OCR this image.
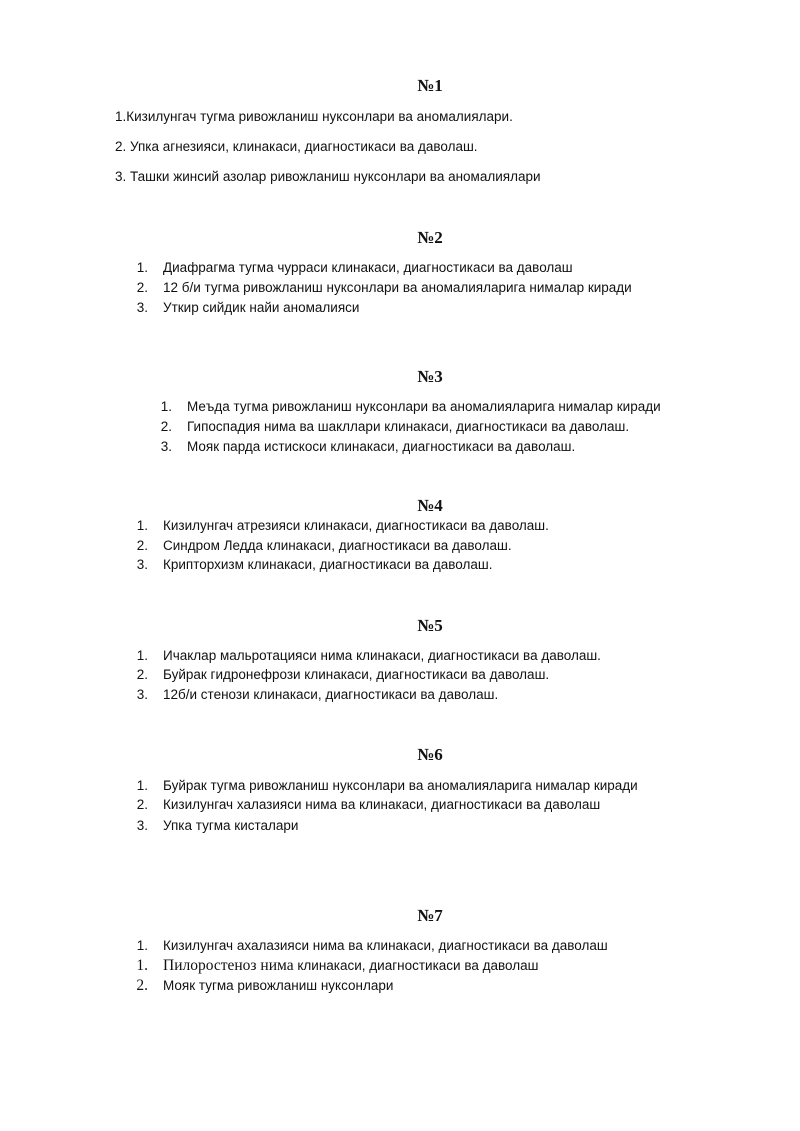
№1
1.Кизилунгач тугма ривожланиш нуксонлари ва аномалиялари.
2. Упка агнезияси, клинакаси, диагностикаси ва даволаш.
3. Ташки жинсий азолар ривожланиш нуксонлари ва аномалиялари
№2
1. Диафрагма тугма чурраси клинакаси, диагностикаси ва даволаш
2. 12 б/и тугма ривожланиш нуксонлари ва аномалияларига нималар киради
3. Уткир сийдик найи аномалияси
№3
1. Меъда тугма ривожланиш нуксонлари ва аномалияларига нималар киради
2. Гипоспадия нима ва шакллари клинакаси, диагностикаси ва даволаш.
3. Мояк парда истискоси клинакаси, диагностикаси ва даволаш.
№4
1. Кизилунгач атрезияси клинакаси, диагностикаси ва даволаш.
2. Синдром Ледда клинакаси, диагностикаси ва даволаш.
3. Крипторхизм клинакаси, диагностикаси ва даволаш.
№5
1. Ичаклар мальротацияси нима клинакаси, диагностикаси ва даволаш.
2. Буйрак гидронефрози клинакаси, диагностикаси ва даволаш.
3. 12б/и стенози клинакаси, диагностикаси ва даволаш.
№6
1. Буйрак тугма ривожланиш нуксонлари ва аномалияларига нималар киради
2. Кизилунгач халазияси нима ва клинакаси, диагностикаси ва даволаш
3. Упка тугма кисталари
№7
1. Кизилунгач ахалазияси нима ва клинакаси, диагностикаси ва даволаш
1. Пилоростеноз нима клинакаси, диагностикаси ва даволаш
2. Мояк тугма ривожланиш нуксонлари
